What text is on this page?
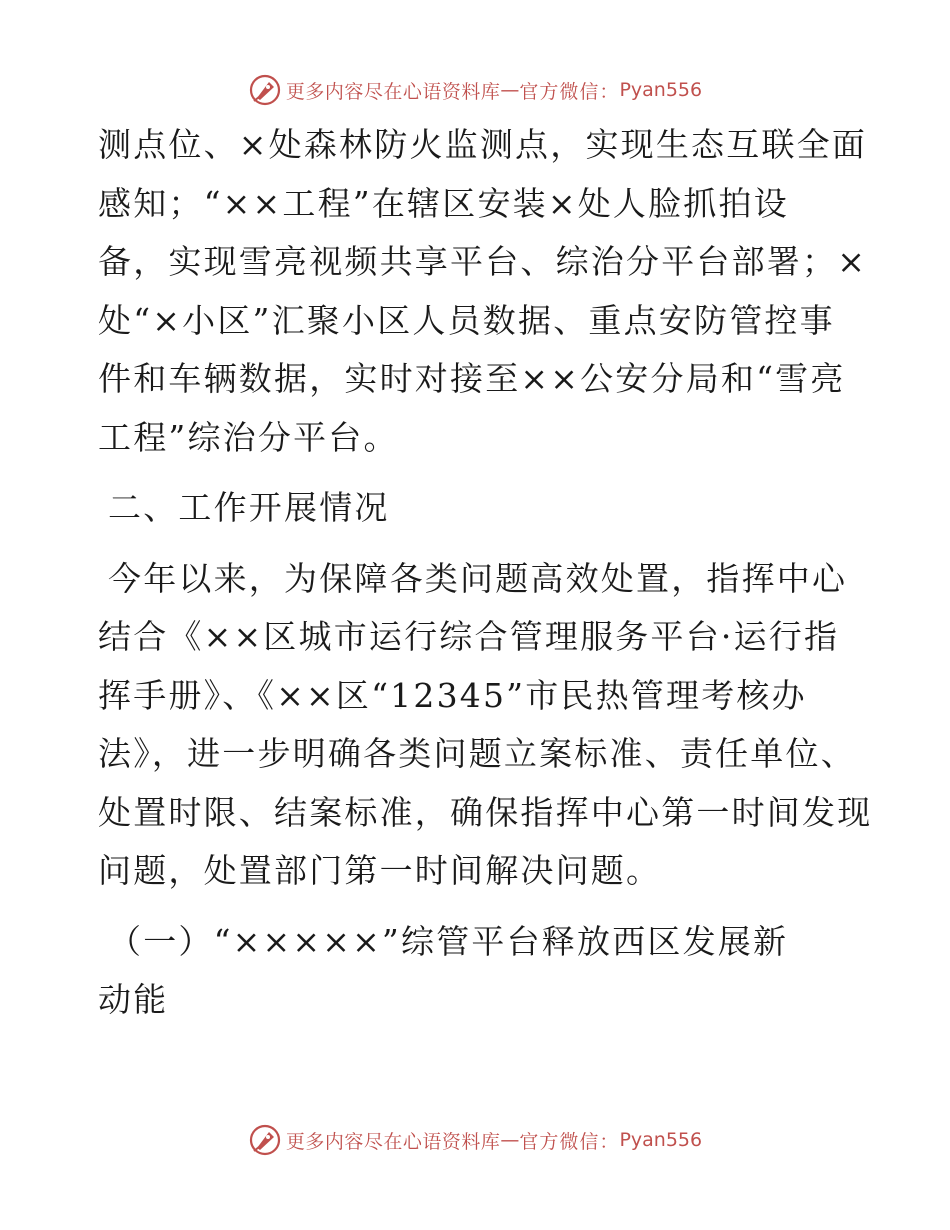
更多内容尽在心语资料库 — 官方微信： Pyan556

测点位、×处森林防火监测点，实现生态互联全面
感知；“××工程”在辖区安装×处人脸抓拍设
备，实现雪亮视频共享平台、综治分平台部署；×
处“×小区”汇聚小区人员数据、重点安防管控事
件和车辆数据，实时对接至××公安分局和“雪亮
工程”综治分平台。

二、工作开展情况

今年以来，为保障各类问题高效处置，指挥中心
结合《××区城市运行综合管理服务平台·运行指
挥手册》、《××区“12345”市民热管理考核办
法》，进一步明确各类问题立案标准、责任单位、
处置时限、结案标准，确保指挥中心第一时间发现
问题，处置部门第一时间解决问题。

（一）“×××××”综管平台释放西区发展新
动能

更多内容尽在心语资料库 — 官方微信： Pyan556
